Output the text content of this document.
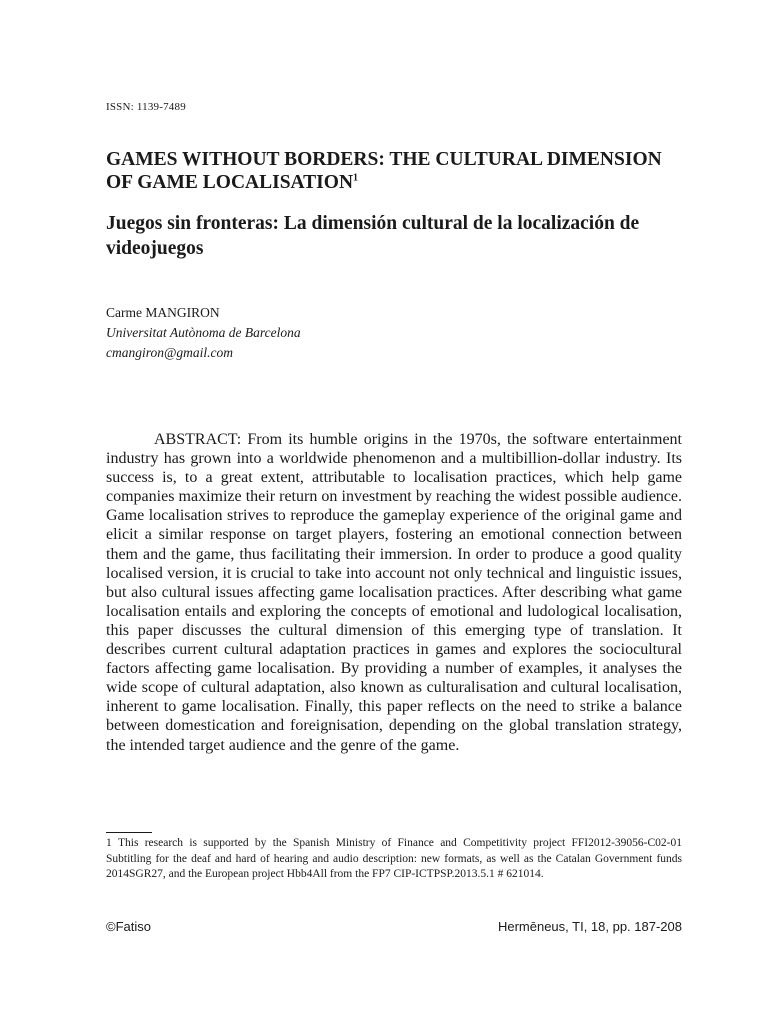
ISSN: 1139-7489
GAMES WITHOUT BORDERS: THE CULTURAL DIMENSION OF GAME LOCALISATION$^1$
Juegos sin fronteras: La dimensión cultural de la localización de videojuegos
Carme MANGIRON
Universitat Autònoma de Barcelona
cmangiron@gmail.com

ABSTRACT: From its humble origins in the 1970s, the software entertainment industry has grown into a worldwide phenomenon and a multibillion-dollar industry. Its success is, to a great extent, attributable to localisation practices, which help game companies maximize their return on investment by reaching the widest possible audience. Game localisation strives to reproduce the gameplay experience of the original game and elicit a similar response on target players, fostering an emotional connection between them and the game, thus facilitating their immersion. In order to produce a good quality localised version, it is crucial to take into account not only technical and linguistic issues, but also cultural issues affecting game localisation practices. After describing what game localisation entails and exploring the concepts of emotional and ludological localisation, this paper discusses the cultural dimension of this emerging type of translation. It describes current cultural adaptation practices in games and explores the sociocultural factors affecting game localisation. By providing a number of examples, it analyses the wide scope of cultural adaptation, also known as culturalisation and cultural localisation, inherent to game localisation. Finally, this paper reflects on the need to strike a balance between domestication and foreignisation, depending on the global translation strategy, the intended target audience and the genre of the game.

1 This research is supported by the Spanish Ministry of Finance and Competitivity project FFI2012-39056-C02-01 Subtitling for the deaf and hard of hearing and audio description: new formats, as well as the Catalan Government funds 2014SGR27, and the European project Hbb4All from the FP7 CIP-ICTPSP.2013.5.1 # 621014.
©Fatiso	Hermēneus, TI, 18, pp. 187-208
